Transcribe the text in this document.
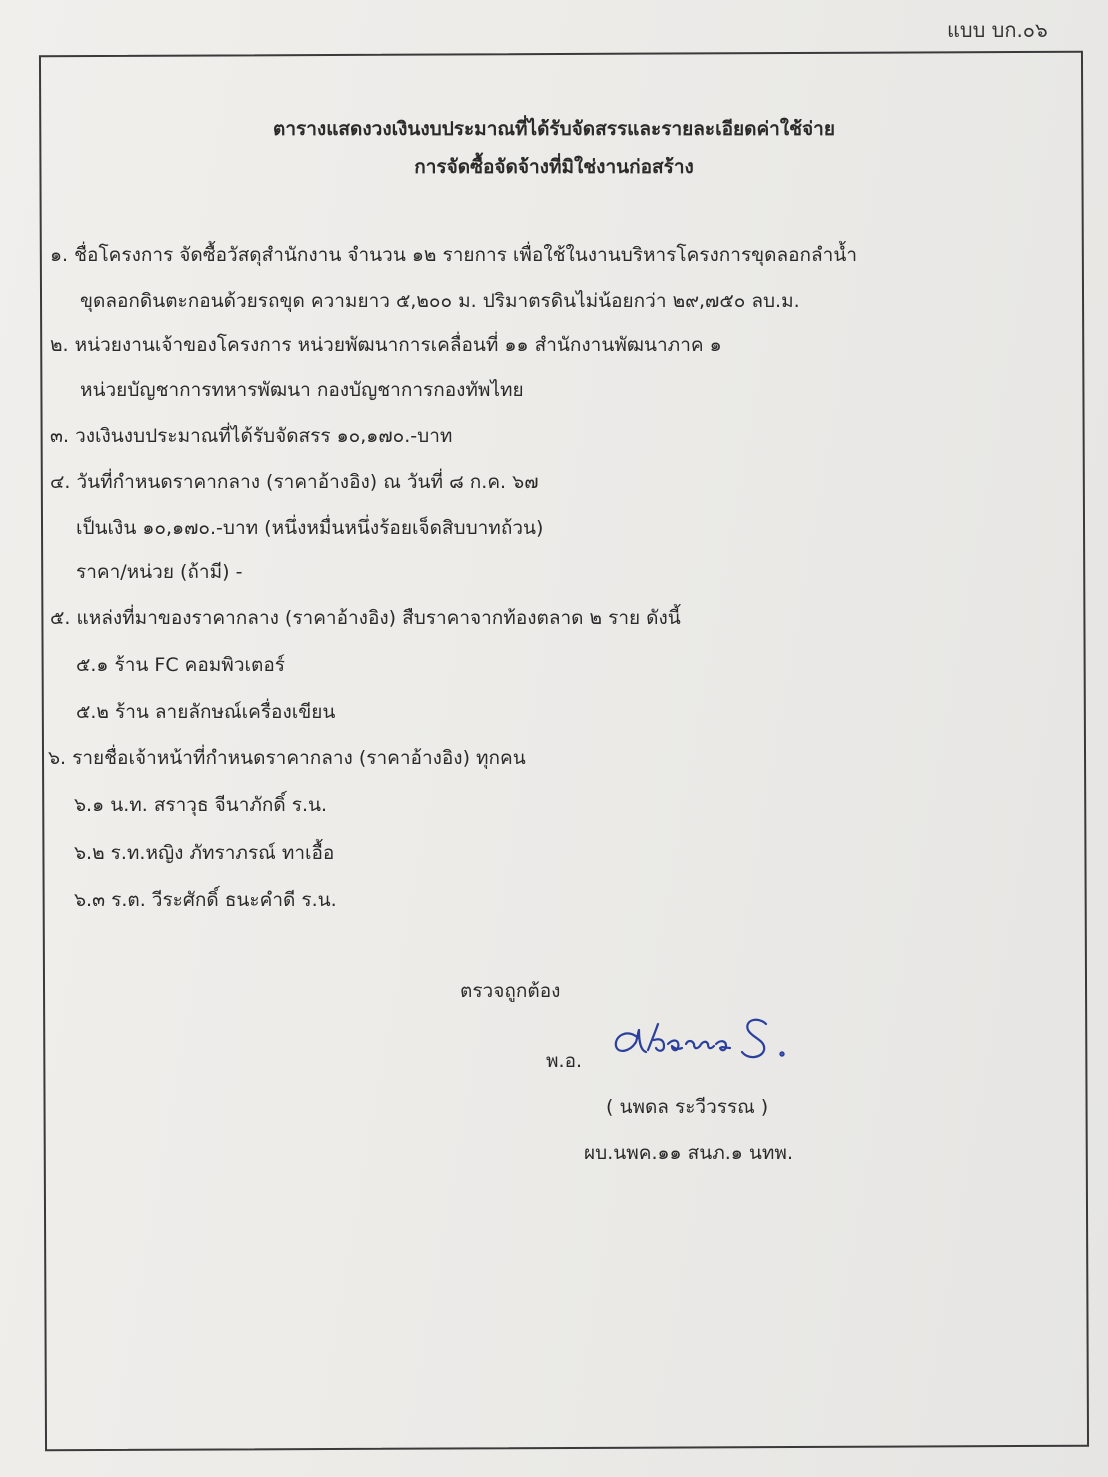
แบบ บก.๐๖
ตารางแสดงวงเงินงบประมาณที่ได้รับจัดสรรและรายละเอียดค่าใช้จ่าย
การจัดซื้อจัดจ้างที่มิใช่งานก่อสร้าง
๑. ชื่อโครงการ จัดซื้อวัสดุสำนักงาน จำนวน ๑๒ รายการ เพื่อใช้ในงานบริหารโครงการขุดลอกลำน้ำ
ขุดลอกดินตะกอนด้วยรถขุด ความยาว ๕,๒๐๐ ม. ปริมาตรดินไม่น้อยกว่า ๒๙,๗๕๐ ลบ.ม.
๒. หน่วยงานเจ้าของโครงการ หน่วยพัฒนาการเคลื่อนที่ ๑๑ สำนักงานพัฒนาภาค ๑
หน่วยบัญชาการทหารพัฒนา กองบัญชาการกองทัพไทย
๓. วงเงินงบประมาณที่ได้รับจัดสรร ๑๐,๑๗๐.-บาท
๔. วันที่กำหนดราคากลาง (ราคาอ้างอิง) ณ วันที่ ๘ ก.ค. ๖๗
เป็นเงิน ๑๐,๑๗๐.-บาท (หนึ่งหมื่นหนึ่งร้อยเจ็ดสิบบาทถ้วน)
ราคา/หน่วย (ถ้ามี) -
๕. แหล่งที่มาของราคากลาง (ราคาอ้างอิง) สืบราคาจากท้องตลาด ๒ ราย ดังนี้
๕.๑ ร้าน FC คอมพิวเตอร์
๕.๒ ร้าน ลายลักษณ์เครื่องเขียน
๖. รายชื่อเจ้าหน้าที่กำหนดราคากลาง (ราคาอ้างอิง) ทุกคน
๖.๑ น.ท. สราวุธ จีนาภักดิ์ ร.น.
๖.๒ ร.ท.หญิง ภัทราภรณ์ ทาเอื้อ
๖.๓ ร.ต. วีระศักดิ์ ธนะคำดี ร.น.
ตรวจถูกต้อง
พ.อ.
( นพดล ระวีวรรณ )
ผบ.นพค.๑๑ สนภ.๑ นทพ.
